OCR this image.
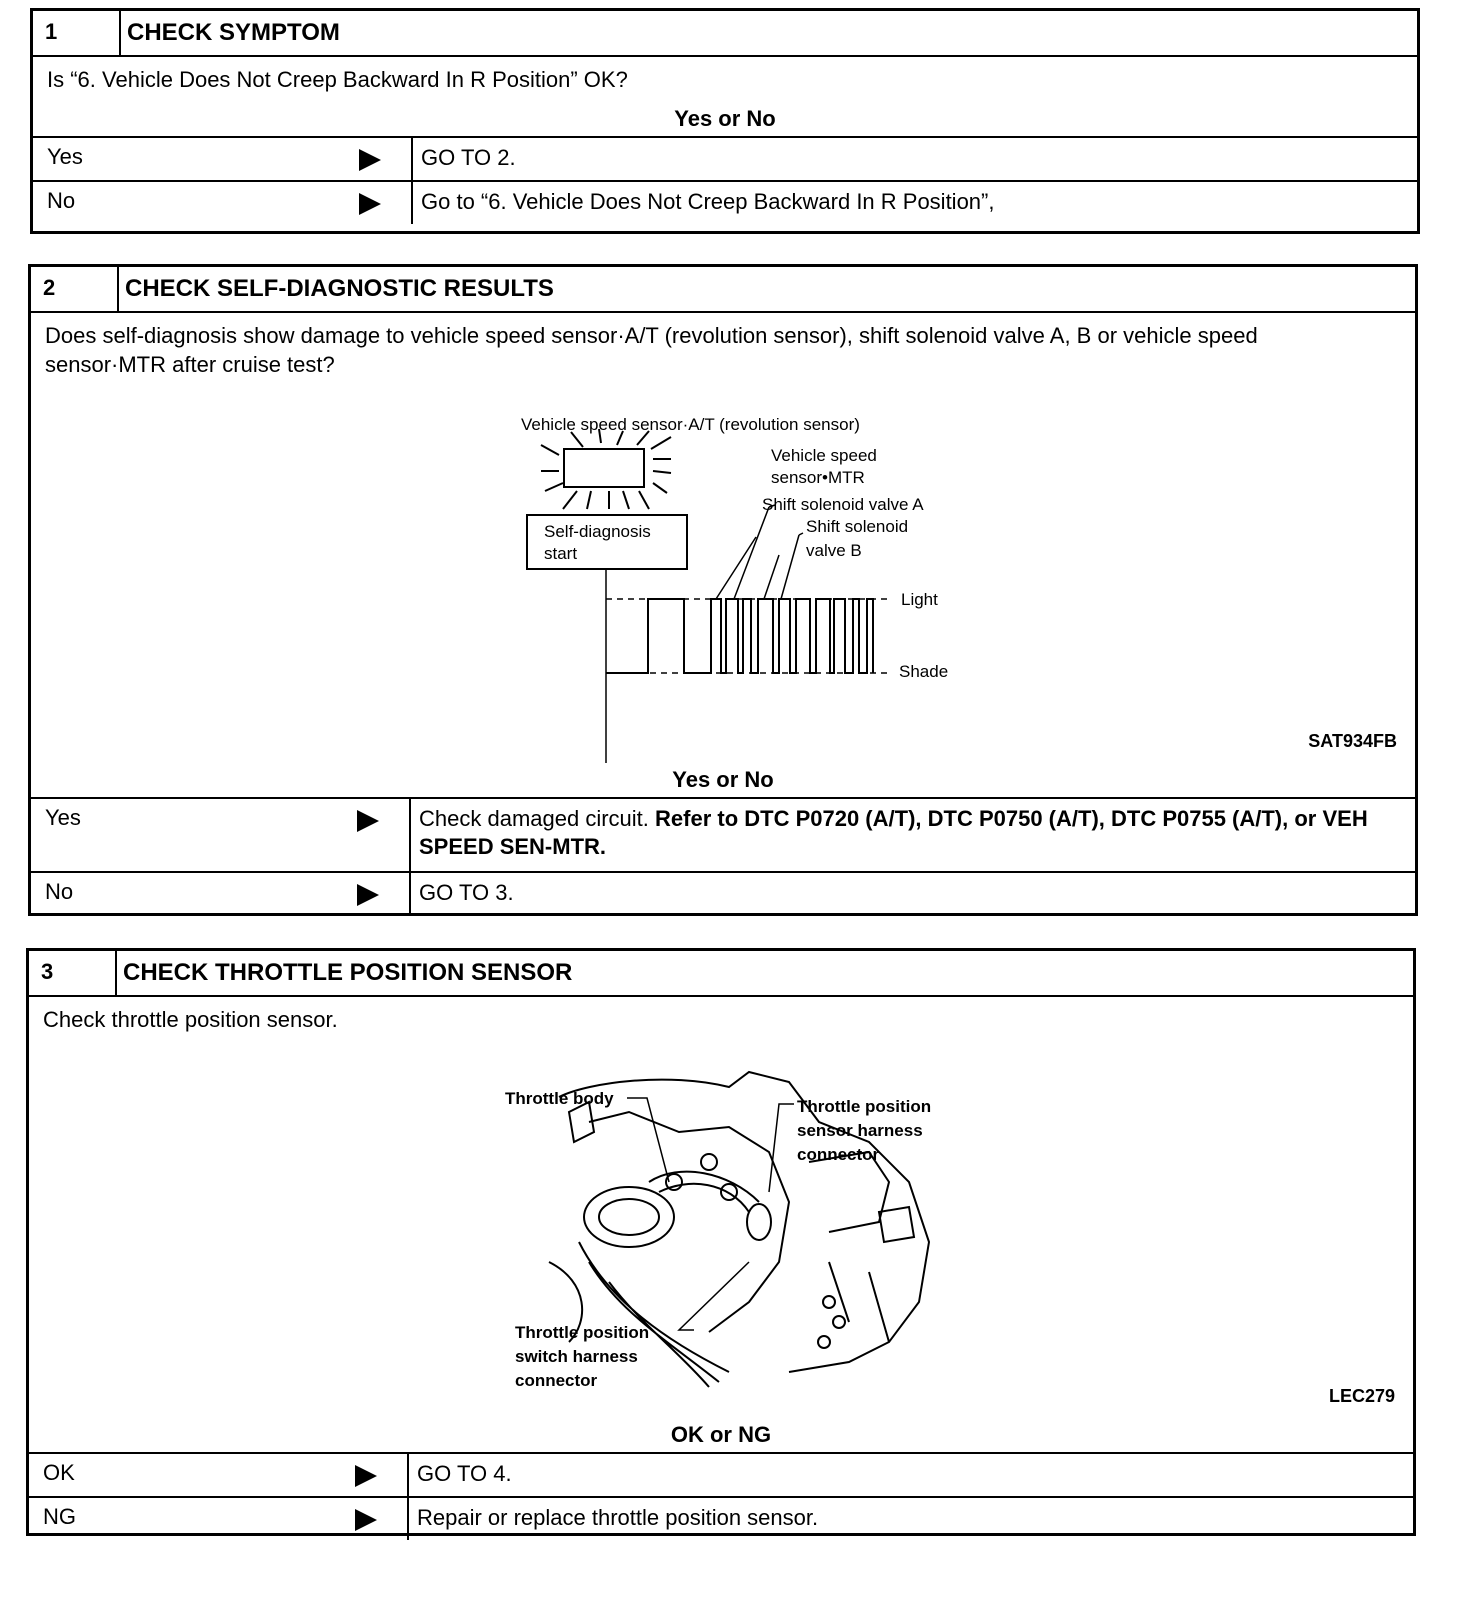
1	CHECK SYMPTOM
Is “6. Vehicle Does Not Creep Backward In R Position” OK?
Yes or No
Yes	GO TO 2.
No	Go to “6. Vehicle Does Not Creep Backward In R Position”,
2	CHECK SELF-DIAGNOSTIC RESULTS
Does self-diagnosis show damage to vehicle speed sensor·A/T (revolution sensor), shift solenoid valve A, B or vehicle speed sensor·MTR after cruise test?
Vehicle speed sensor·A/T (revolution sensor)
Vehicle speed
sensor•MTR
Shift solenoid valve A
Shift solenoid
valve B
Self-diagnosis
start
Light
Shade
SAT934FB
Yes or No
Yes	Check damaged circuit. Refer to DTC P0720 (A/T), DTC P0750 (A/T), DTC P0755 (A/T), or VEH SPEED SEN-MTR.
No	GO TO 3.
3	CHECK THROTTLE POSITION SENSOR
Check throttle position sensor.
Throttle body	Throttle position
sensor harness
connector
Throttle position
switch harness
connector
LEC279
OK or NG
OK	GO TO 4.
NG	Repair or replace throttle position sensor.
